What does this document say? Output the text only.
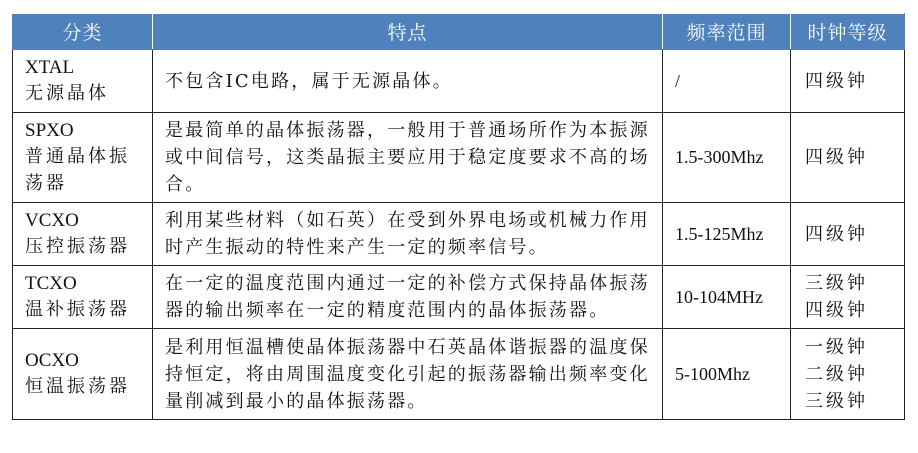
分类	特点	频率范围	时钟等级

XTAL
无源晶体	不包含IC电路，属于无源晶体。	/	四级钟

SPXO
普通晶体振荡器	是最简单的晶体振荡器，一般用于普通场所作为本振源或中间信号，这类晶振主要应用于稳定度要求不高的场合。	1.5-300Mhz	四级钟

VCXO
压控振荡器	利用某些材料（如石英）在受到外界电场或机械力作用时产生振动的特性来产生一定的频率信号。	1.5-125Mhz	四级钟

TCXO
温补振荡器	在一定的温度范围内通过一定的补偿方式保持晶体振荡器的输出频率在一定的精度范围内的晶体振荡器。	10-104MHz	三级钟
四级钟

OCXO
恒温振荡器	是利用恒温槽使晶体振荡器中石英晶体谐振器的温度保持恒定，将由周围温度变化引起的振荡器输出频率变化量削减到最小的晶体振荡器。	5-100Mhz	一级钟
二级钟
三级钟
